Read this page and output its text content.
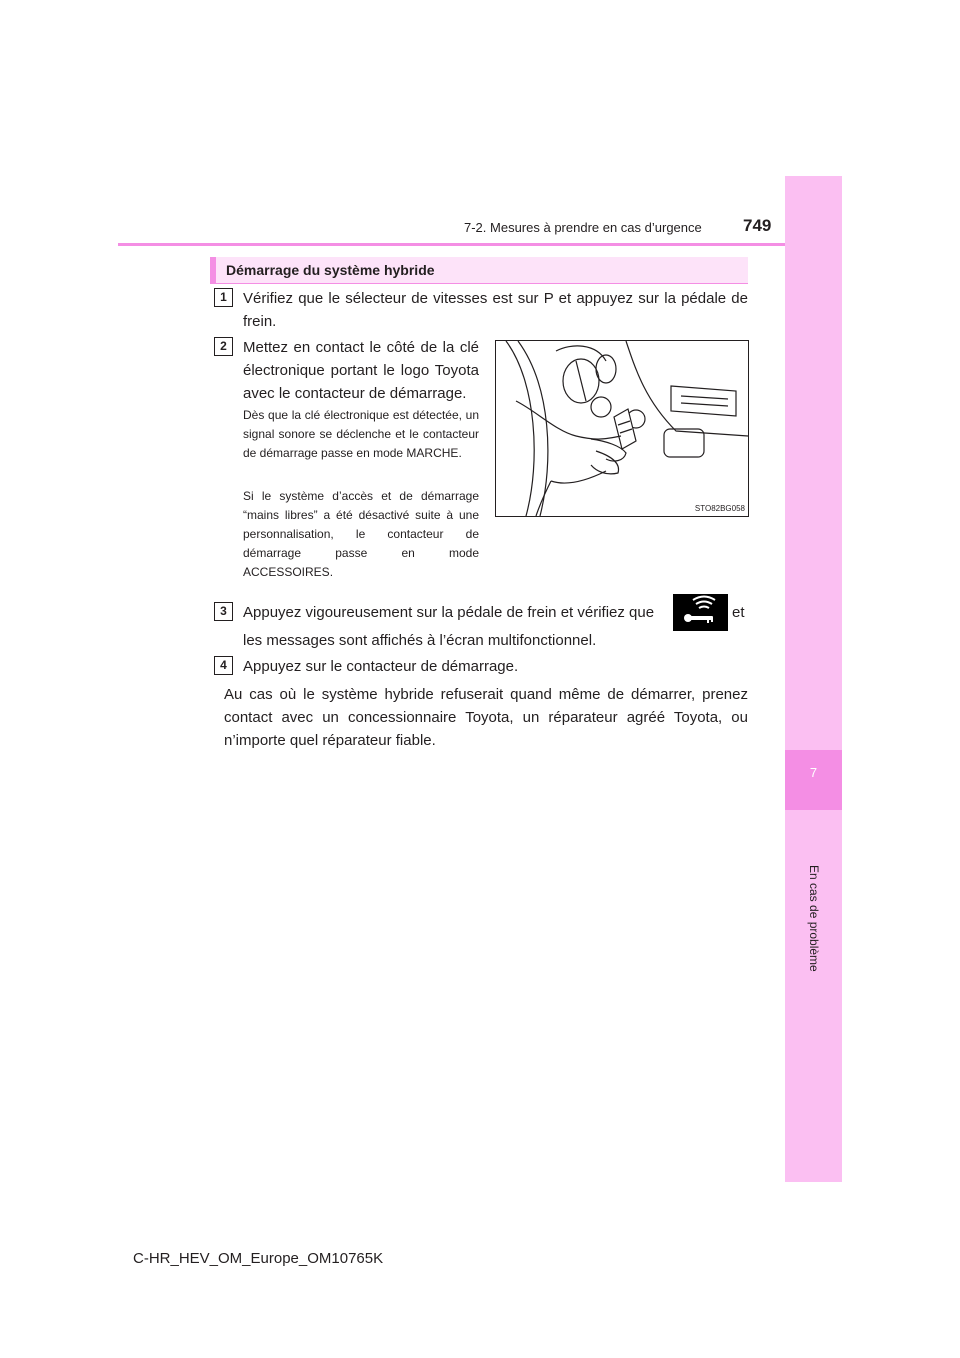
7
En cas de problème
7-2. Mesures à prendre en cas d’urgence 749
Démarrage du système hybride
1	Vérifiez que le sélecteur de vitesses est sur P et appuyez sur la pédale de frein.
2	Mettez en contact le côté de la clé électronique portant le logo Toyota avec le contacteur de démarrage.
Dès que la clé électronique est détectée, un signal sonore se déclenche et le contacteur de démarrage passe en mode MARCHE.
Si le système d’accès et de démarrage “mains libres” a été désactivé suite à une personnalisation, le contacteur de démarrage passe en mode ACCESSOIRES.
STO82BG058
3	Appuyez vigoureusement sur la pédale de frein et vérifiez que	et
les messages sont affichés à l’écran multifonctionnel.
4	Appuyez sur le contacteur de démarrage.
Au cas où le système hybride refuserait quand même de démarrer, prenez contact avec un concessionnaire Toyota, un réparateur agréé Toyota, ou n’importe quel réparateur fiable.
C-HR_HEV_OM_Europe_OM10765K
